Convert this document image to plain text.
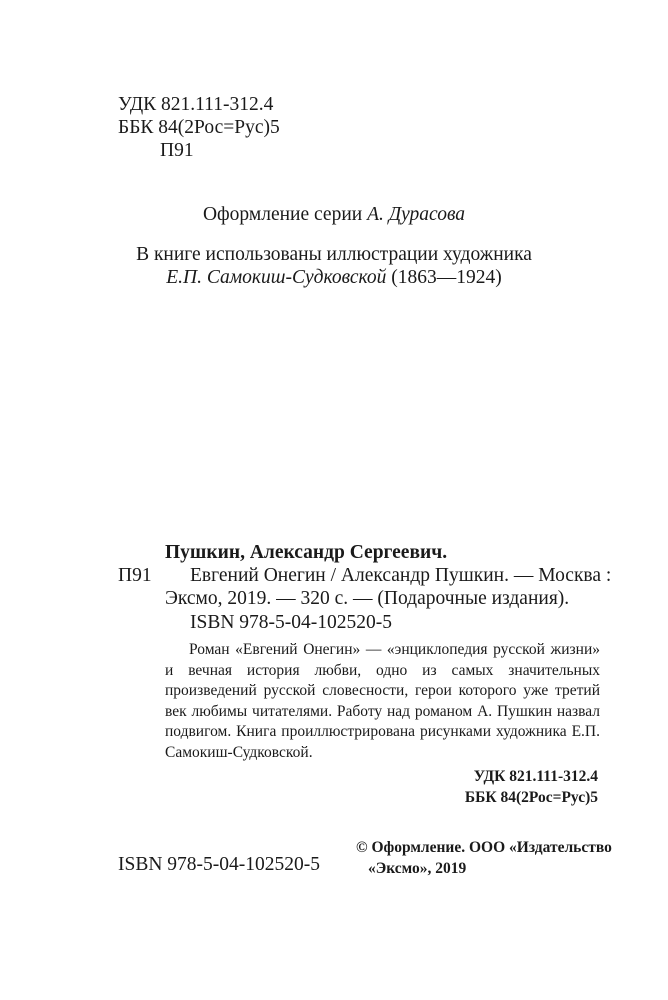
УДК 821.111-312.4
ББК 84(2Рос=Рус)5
П91
Оформление серии А. Дурасова
В книге использованы иллюстрации художника
Е.П. Самокиш-Судковской (1863—1924)
Пушкин, Александр Сергеевич.
П91 Евгений Онегин / Александр Пушкин. — Москва :
Эксмо, 2019. — 320 с. — (Подарочные издания).
ISBN 978-5-04-102520-5
Роман «Евгений Онегин» — «энциклопедия русской жизни» и вечная история любви, одно из самых значительных произведений русской словесности, герои которого уже третий век любимы читателями. Работу над романом А. Пушкин назвал подвигом. Книга проиллюстрирована рисунками художника Е.П. Самокиш-Судковской.
УДК 821.111-312.4
ББК 84(2Рос=Рус)5
ISBN 978-5-04-102520-5
© Оформление. ООО «Издательство
«Эксмо», 2019
